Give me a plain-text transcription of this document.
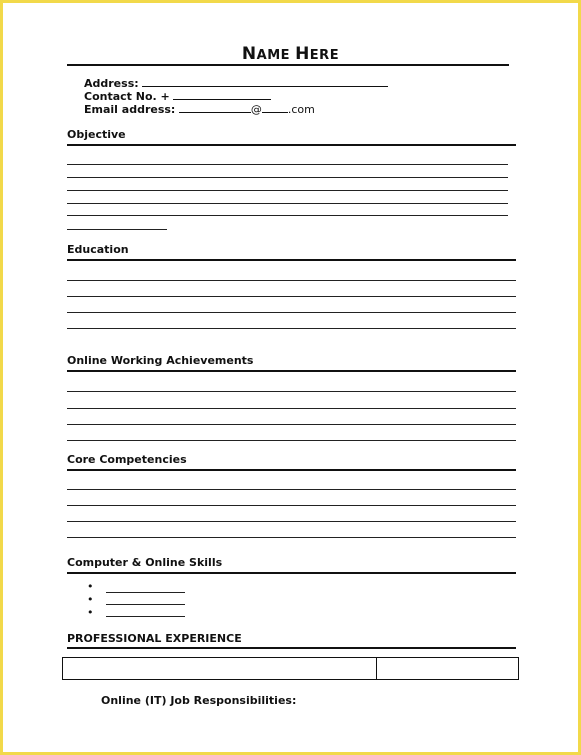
NAME HERE
Address:
Contact No. +
Email address:	@ .com
Objective
Education
Online Working Achievements
Core Competencies
Computer & Online Skills
•
•
•
PROFESSIONAL EXPERIENCE
Online (IT) Job Responsibilities:
